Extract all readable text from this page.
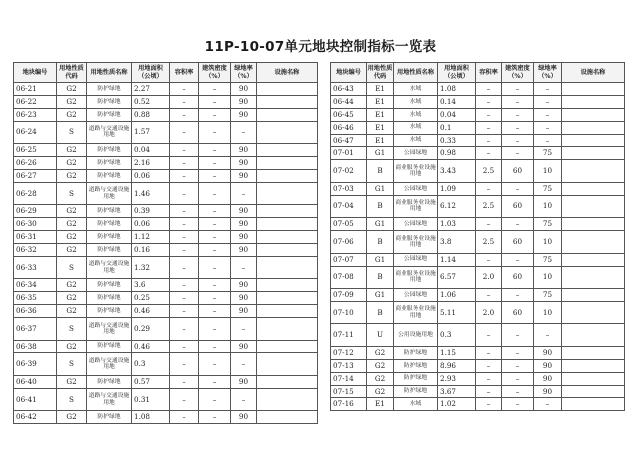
11P-10-07单元地块控制指标一览表
地块编号	用地性质代码	用地性质名称	用地面积（公顷）	容积率	建筑密度（%）	绿地率（%）	设施名称
06-21	G2	防护绿地	2.27	–	–	90	
06-22	G2	防护绿地	0.52	–	–	90	
06-23	G2	防护绿地	0.88	–	–	90	
06-24	S	道路与交通设施用地	1.57	–	–	–	
06-25	G2	防护绿地	0.04	–	–	90	
06-26	G2	防护绿地	2.16	–	–	90	
06-27	G2	防护绿地	0.06	–	–	90	
06-28	S	道路与交通设施用地	1.46	–	–	–	
06-29	G2	防护绿地	0.39	–	–	90	
06-30	G2	防护绿地	0.06	–	–	90	
06-31	G2	防护绿地	1.12	–	–	90	
06-32	G2	防护绿地	0.16	–	–	90	
06-33	S	道路与交通设施用地	1.32	–	–	–	
06-34	G2	防护绿地	3.6	–	–	90	
06-35	G2	防护绿地	0.25	–	–	90	
06-36	G2	防护绿地	0.46	–	–	90	
06-37	S	道路与交通设施用地	0.29	–	–	–	
06-38	G2	防护绿地	0.46	–	–	90	
06-39	S	道路与交通设施用地	0.3	–	–	–	
06-40	G2	防护绿地	0.57	–	–	90	
06-41	S	道路与交通设施用地	0.31	–	–	–	
06-42	G2	防护绿地	1.08	–	–	90	
地块编号	用地性质代码	用地性质名称	用地面积（公顷）	容积率	建筑密度（%）	绿地率（%）	设施名称
06-43	E1	水域	1.08	–	–	–	
06-44	E1	水域	0.14	–	–	–	
06-45	E1	水域	0.04	–	–	–	
06-46	E1	水域	0.1	–	–	–	
06-47	E1	水域	0.33	–	–	–	
07-01	G1	公园绿地	0.98	–	–	75	
07-02	B	商业服务业设施用地	3.43	2.5	60	10	
07-03	G1	公园绿地	1.09	–	–	75	
07-04	B	商业服务业设施用地	6.12	2.5	60	10	
07-05	G1	公园绿地	1.03	–	–	75	
07-06	B	商业服务业设施用地	3.8	2.5	60	10	
07-07	G1	公园绿地	1.14	–	–	75	
07-08	B	商业服务业设施用地	6.57	2.0	60	10	
07-09	G1	公园绿地	1.06	–	–	75	
07-10	B	商业服务业设施用地	5.11	2.0	60	10	
07-11	U	公用设施用地	0.3	–	–	–	
07-12	G2	防护绿地	1.15	–	–	90	
07-13	G2	防护绿地	8.96	–	–	90	
07-14	G2	防护绿地	2.93	–	–	90	
07-15	G2	防护绿地	3.67	–	–	90	
07-16	E1	水域	1.02	–	–	–	
